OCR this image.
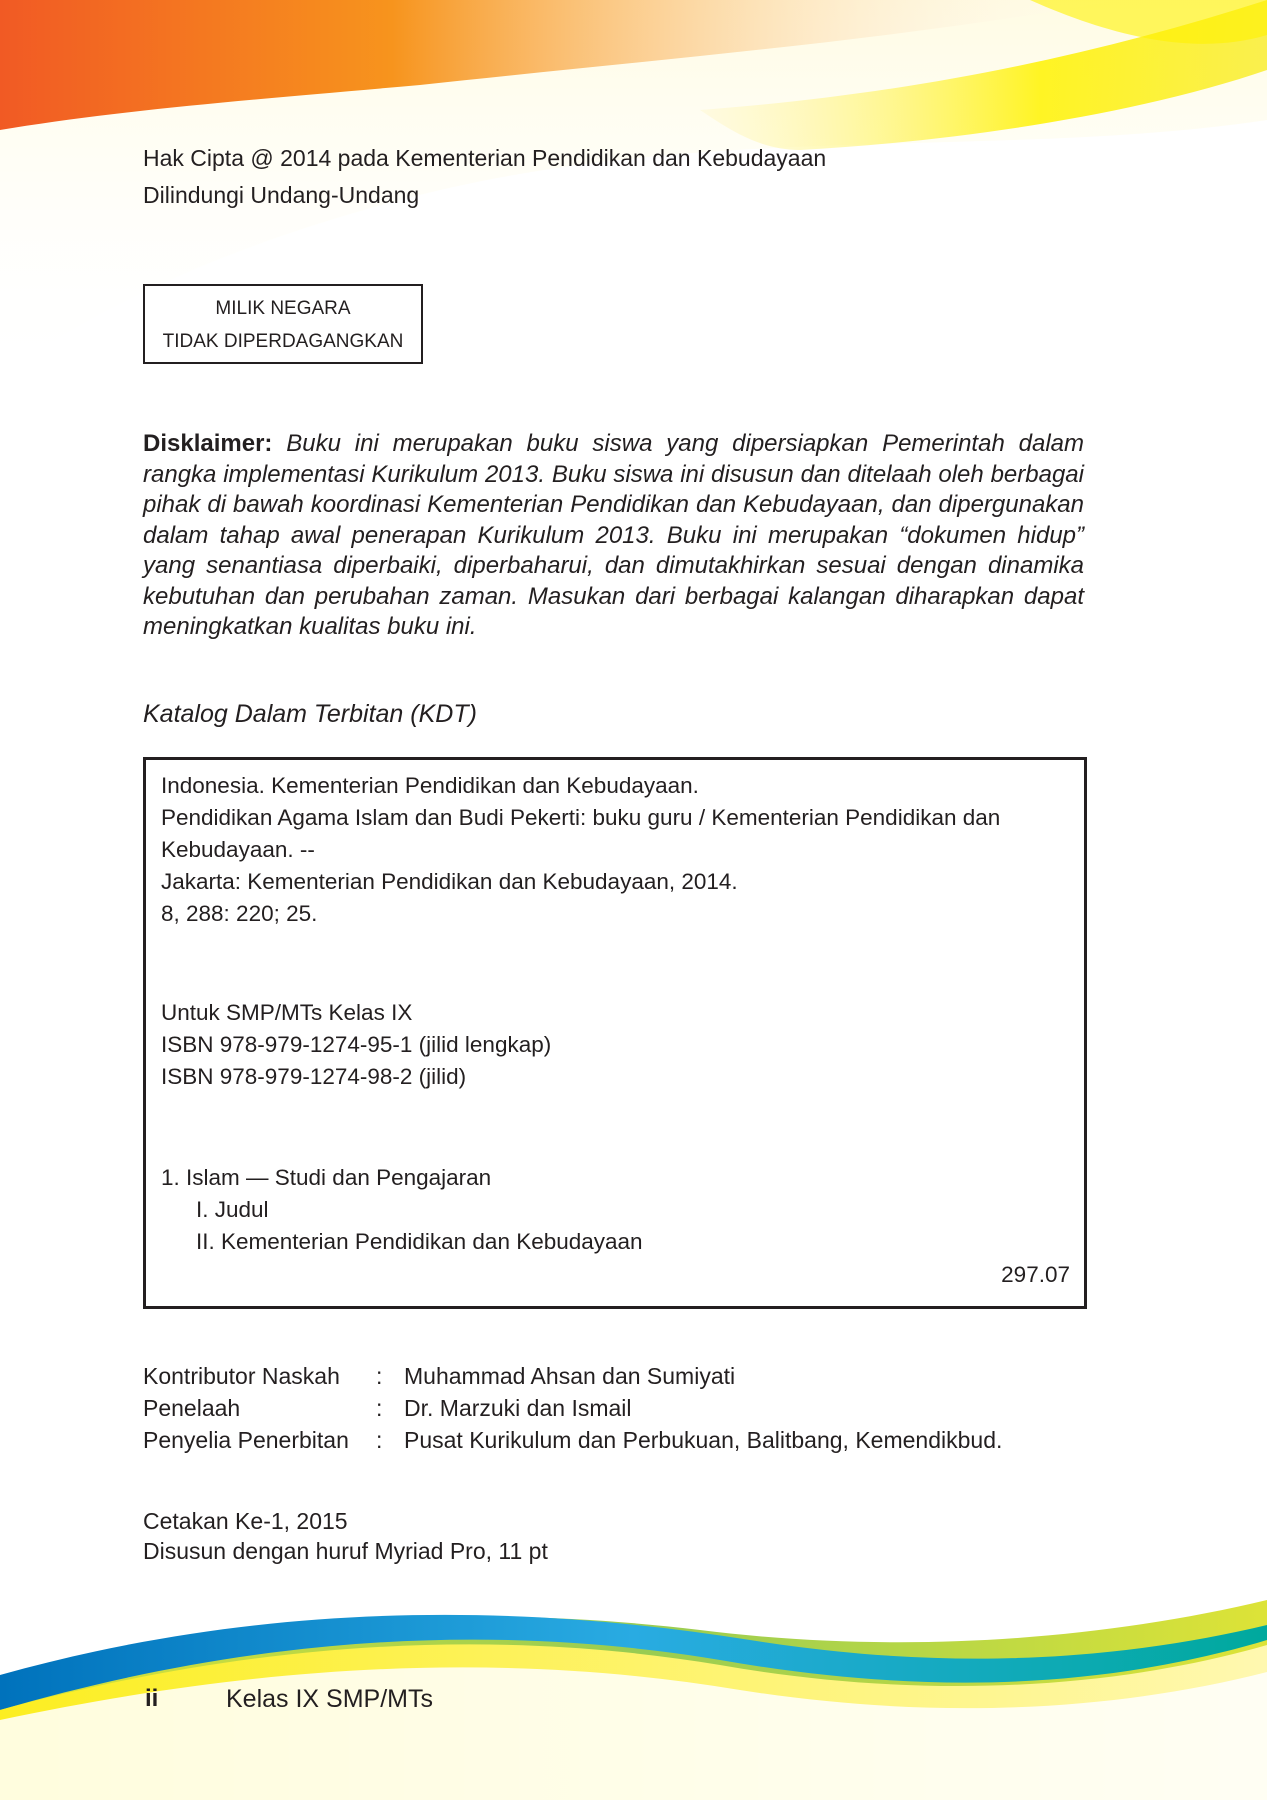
Hak Cipta @ 2014 pada Kementerian Pendidikan dan Kebudayaan
Dilindungi Undang-Undang
MILIK NEGARA
TIDAK DIPERDAGANGKAN
Disklaimer: Buku ini merupakan buku siswa yang dipersiapkan Pemerintah dalam rangka implementasi Kurikulum 2013. Buku siswa ini disusun dan ditelaah oleh berbagai pihak di bawah koordinasi Kementerian Pendidikan dan Kebudayaan, dan dipergunakan dalam tahap awal penerapan Kurikulum 2013. Buku ini merupakan “dokumen hidup” yang senantiasa diperbaiki, diperbaharui, dan dimutakhirkan sesuai dengan dinamika kebutuhan dan perubahan zaman. Masukan dari berbagai kalangan diharapkan dapat meningkatkan kualitas buku ini.
Katalog Dalam Terbitan (KDT)
Indonesia. Kementerian Pendidikan dan Kebudayaan.
Pendidikan Agama Islam dan Budi Pekerti: buku guru / Kementerian Pendidikan dan
Kebudayaan. --
Jakarta: Kementerian Pendidikan dan Kebudayaan, 2014.
8, 288: 220; 25.
Untuk SMP/MTs Kelas IX
ISBN 978-979-1274-95-1 (jilid lengkap)
ISBN 978-979-1274-98-2 (jilid)
1. Islam — Studi dan Pengajaran
I. Judul
II. Kementerian Pendidikan dan Kebudayaan
297.07
Kontributor Naskah : Muhammad Ahsan dan Sumiyati
Penelaah	: Dr. Marzuki dan Ismail
Penyelia Penerbitan : Pusat Kurikulum dan Perbukuan, Balitbang, Kemendikbud.
Cetakan Ke-1, 2015
Disusun dengan huruf Myriad Pro, 11 pt
ii	Kelas IX SMP/MTs
